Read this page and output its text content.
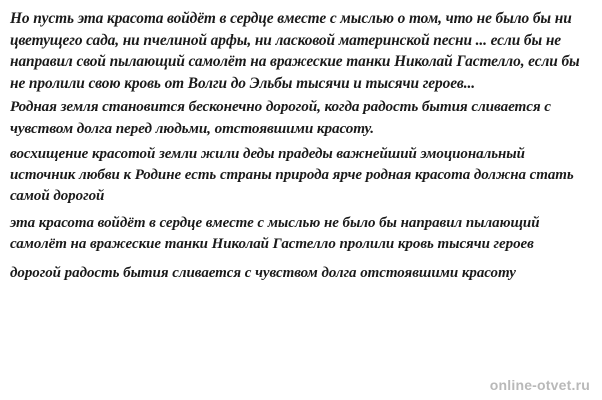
Но пусть эта красота войдёт в сердце вместе с мыслью о том, что не было бы ни цветущего сада, ни пчелиной арфы, ни ласковой материнской песни ... если бы не направил свой пылающий самолёт на вражеские танки Николай Гастелло, если бы не пролили свою кровь от Волги до Эльбы тысячи и тысячи героев...

Родная земля становится бесконечно дорогой, когда радость бытия сливается с чувством долга перед людьми, отстоявшими красоту.

восхищение красотой земли жили деды прадеды важнейший эмоциональный источник любви к Родине есть страны природа ярче родная красота должна стать самой дорогой

эта красота войдёт в сердце вместе с мыслью не было бы направил пылающий самолёт на вражеские танки Николай Гастелло пролили кровь тысячи героев

дорогой радость бытия сливается с чувством долга отстоявшими красоту

online-otvet.ru
